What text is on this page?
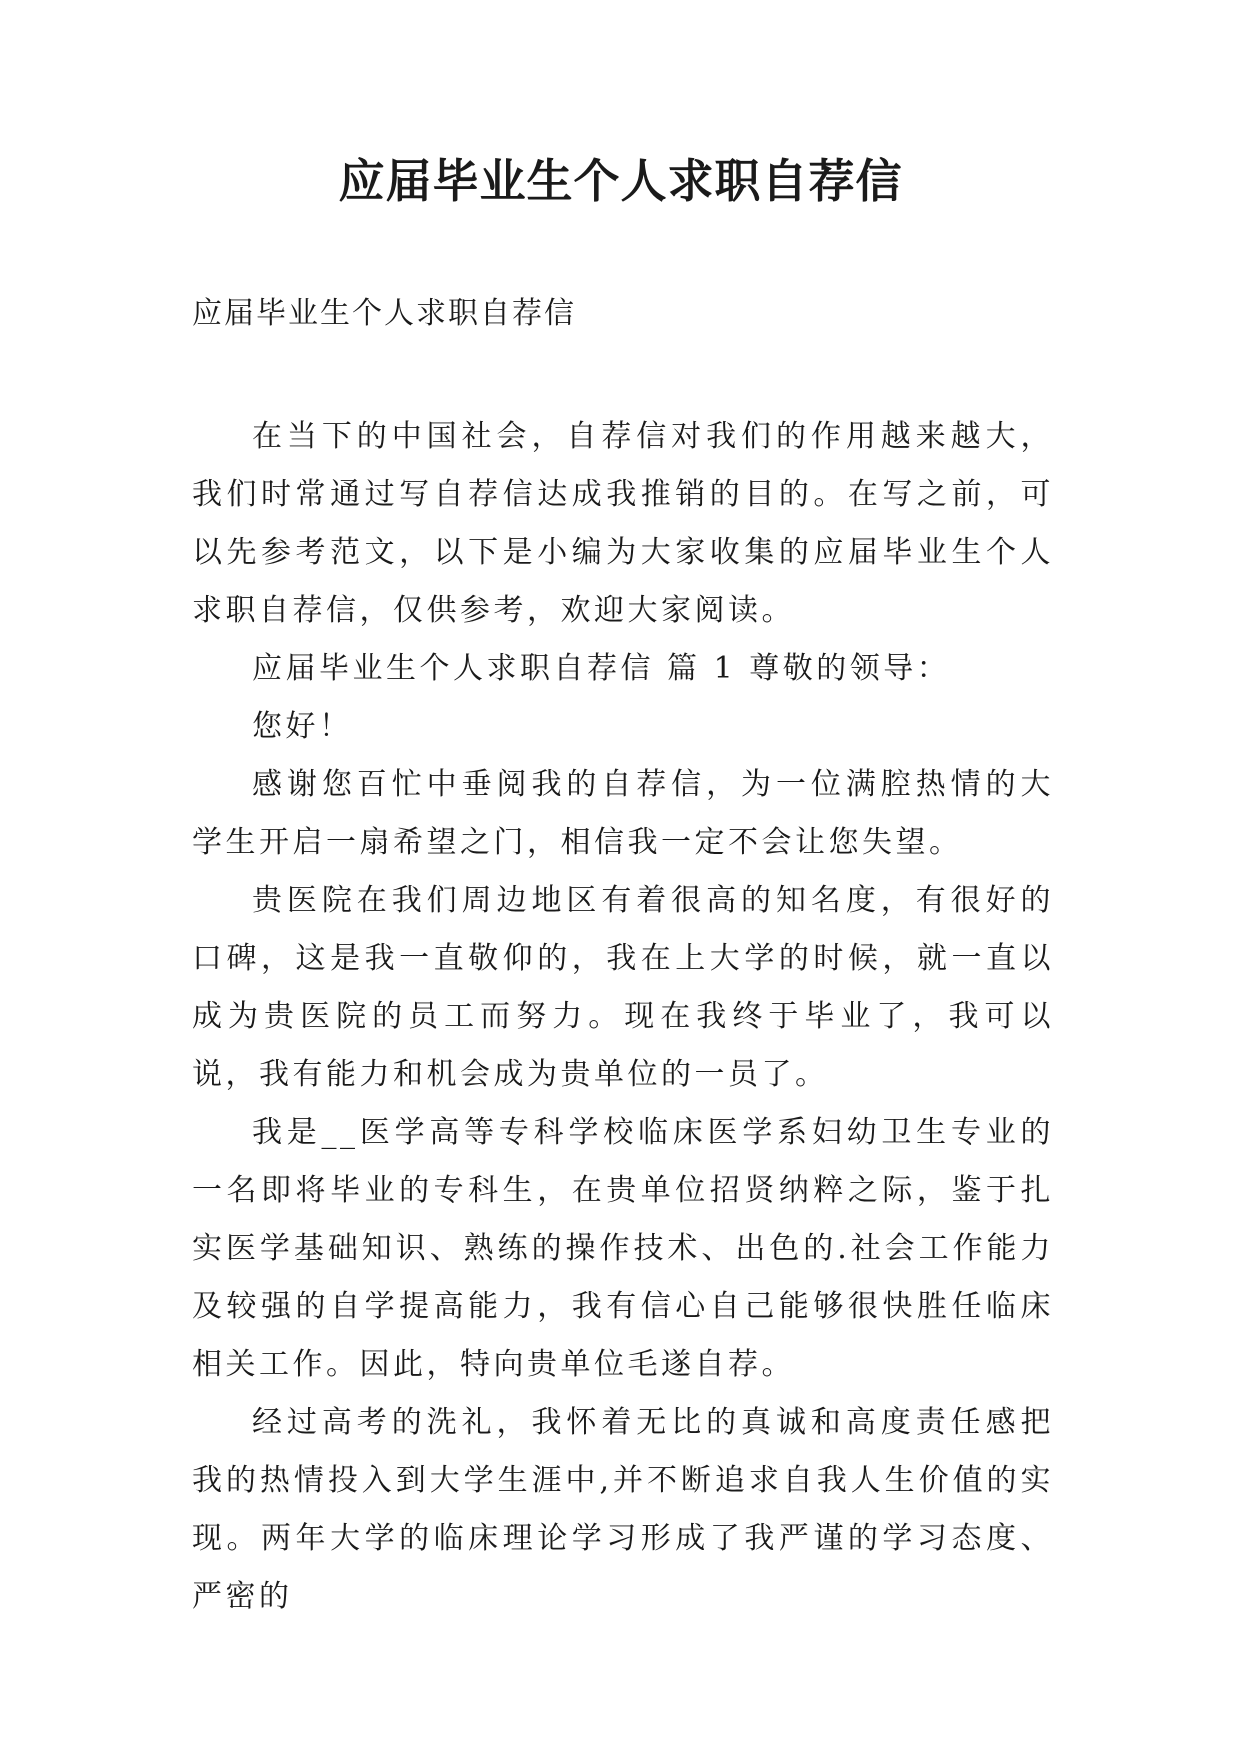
应届毕业生个人求职自荐信
应届毕业生个人求职自荐信

在当下的中国社会，自荐信对我们的作用越来越大，我们时常通过写自荐信达成我推销的目的。在写之前，可以先参考范文，以下是小编为大家收集的应届毕业生个人求职自荐信，仅供参考，欢迎大家阅读。

应届毕业生个人求职自荐信 篇 1 尊敬的领导：

您好！

感谢您百忙中垂阅我的自荐信，为一位满腔热情的大学生开启一扇希望之门，相信我一定不会让您失望。

贵医院在我们周边地区有着很高的知名度，有很好的口碑，这是我一直敬仰的，我在上大学的时候，就一直以成为贵医院的员工而努力。现在我终于毕业了，我可以说，我有能力和机会成为贵单位的一员了。

我是__医学高等专科学校临床医学系妇幼卫生专业的一名即将毕业的专科生，在贵单位招贤纳粹之际，鉴于扎实医学基础知识、熟练的操作技术、出色的.社会工作能力及较强的自学提高能力，我有信心自己能够很快胜任临床相关工作。因此，特向贵单位毛遂自荐。

经过高考的洗礼，我怀着无比的真诚和高度责任感把我的热情投入到大学生涯中,并不断追求自我人生价值的实现。两年大学的临床理论学习形成了我严谨的学习态度、严密的
